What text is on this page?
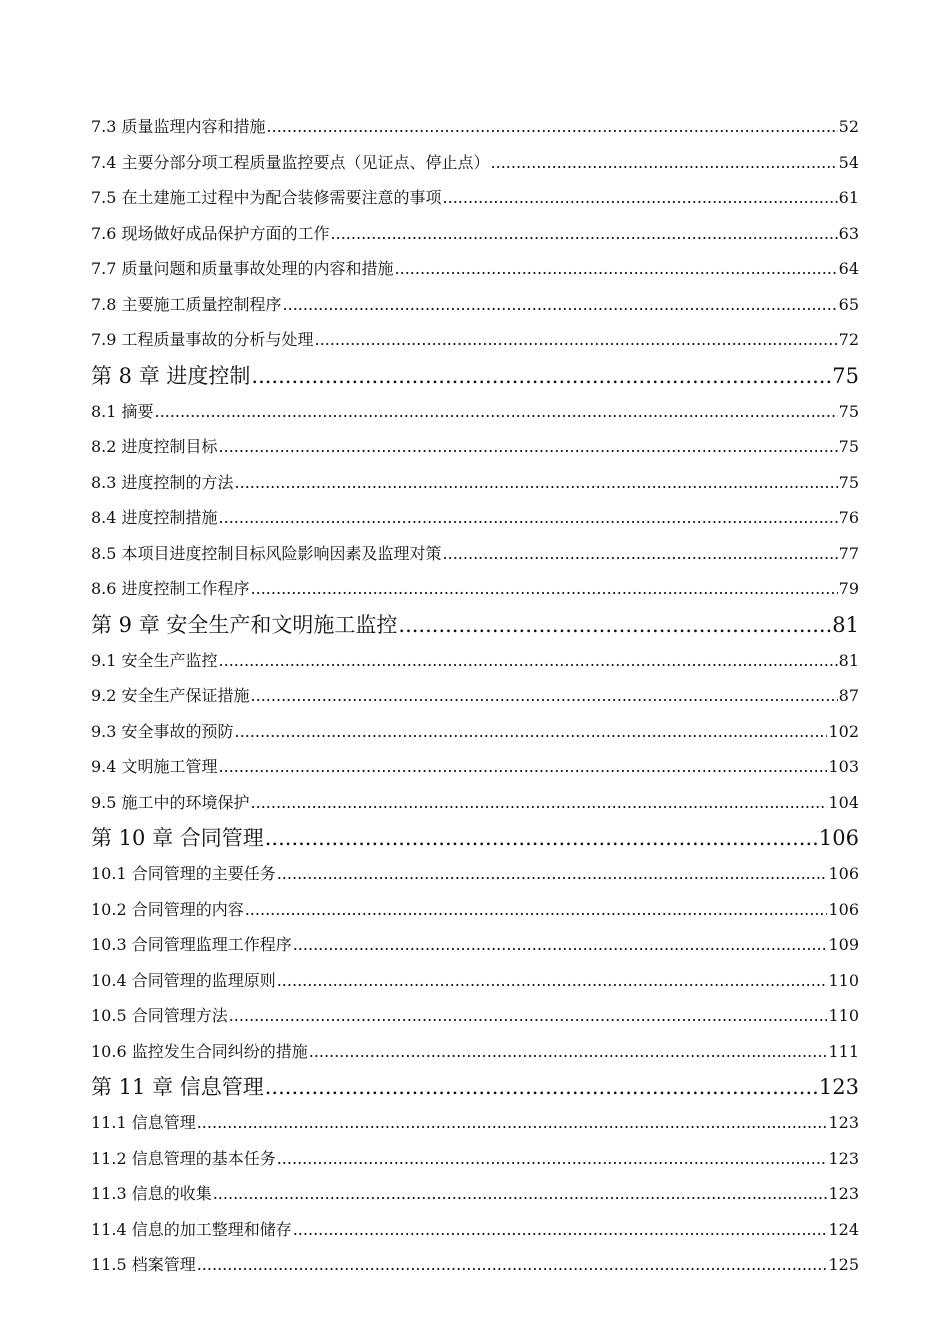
7.3 质量监理内容和措施 .....	52
7.4 主要分部分项工程质量监控要点（见证点、停止点） .....	54
7.5 在土建施工过程中为配合装修需要注意的事项 .....	61
7.6 现场做好成品保护方面的工作 .....	63
7.7 质量问题和质量事故处理的内容和措施 .....	64
7.8 主要施工质量控制程序 .....	65
7.9 工程质量事故的分析与处理 .....	72
第 8 章 进度控制 .....	75
8.1 摘要 .....	75
8.2 进度控制目标 .....	75
8.3 进度控制的方法 .....	75
8.4 进度控制措施 .....	76
8.5 本项目进度控制目标风险影响因素及监理对策 .....	77
8.6 进度控制工作程序 .....	79
第 9 章 安全生产和文明施工监控 .....	81
9.1 安全生产监控 .....	81
9.2 安全生产保证措施 .....	87
9.3 安全事故的预防 .....	102
9.4 文明施工管理 .....	103
9.5 施工中的环境保护 .....	104
第 10 章 合同管理 .....	106
10.1 合同管理的主要任务 .....	106
10.2 合同管理的内容 .....	106
10.3 合同管理监理工作程序 .....	109
10.4 合同管理的监理原则 .....	110
10.5 合同管理方法 .....	110
10.6 监控发生合同纠纷的措施 .....	111
第 11 章 信息管理 .....	123
11.1 信息管理 .....	123
11.2 信息管理的基本任务 .....	123
11.3 信息的收集 .....	123
11.4 信息的加工整理和储存 .....	124
11.5 档案管理 .....	125
